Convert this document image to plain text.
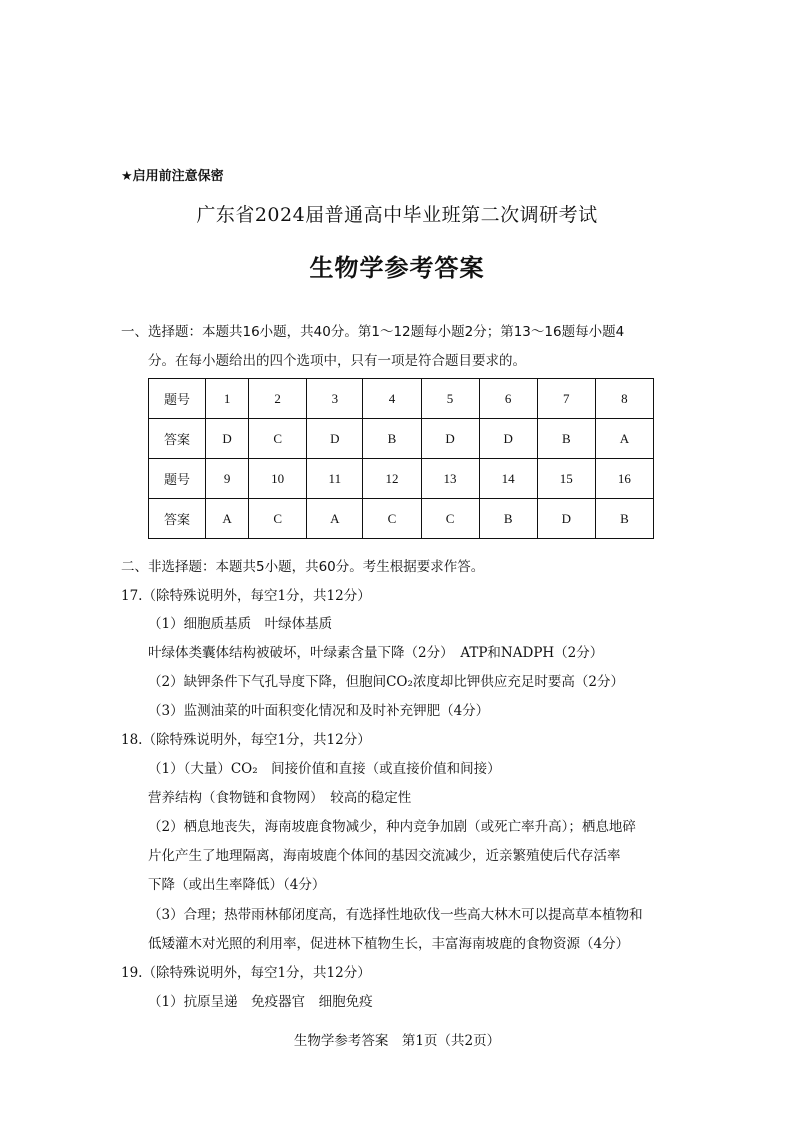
★启用前注意保密
广东省2024届普通高中毕业班第二次调研考试
生物学参考答案
一、选择题：本题共16小题，共40分。第1～12题每小题2分；第13～16题每小题4
分。在每小题给出的四个选项中，只有一项是符合题目要求的。
题号	1	2	3	4	5	6	7	8
答案	D	C	D	B	D	D	B	A
题号	9	10	11	12	13	14	15	16
答案	A	C	A	C	C	B	D	B
二、非选择题：本题共5小题，共60分。考生根据要求作答。
17.（除特殊说明外，每空1分，共12分）
（1）细胞质基质　叶绿体基质
叶绿体类囊体结构被破坏，叶绿素含量下降（2分）　ATP和NADPH（2分）
（2）缺钾条件下气孔导度下降，但胞间CO₂浓度却比钾供应充足时要高（2分）
（3）监测油菜的叶面积变化情况和及时补充钾肥（4分）
18.（除特殊说明外，每空1分，共12分）
（1）（大量）CO₂　间接价值和直接（或直接价值和间接）
营养结构（食物链和食物网）　较高的稳定性
（2）栖息地丧失，海南坡鹿食物减少，种内竞争加剧（或死亡率升高）；栖息地碎
片化产生了地理隔离，海南坡鹿个体间的基因交流减少，近亲繁殖使后代存活率
下降（或出生率降低）（4分）
（3）合理；热带雨林郁闭度高，有选择性地砍伐一些高大林木可以提高草本植物和
低矮灌木对光照的利用率，促进林下植物生长，丰富海南坡鹿的食物资源（4分）
19.（除特殊说明外，每空1分，共12分）
（1）抗原呈递　免疫器官　细胞免疫
生物学参考答案　第1页（共2页）
